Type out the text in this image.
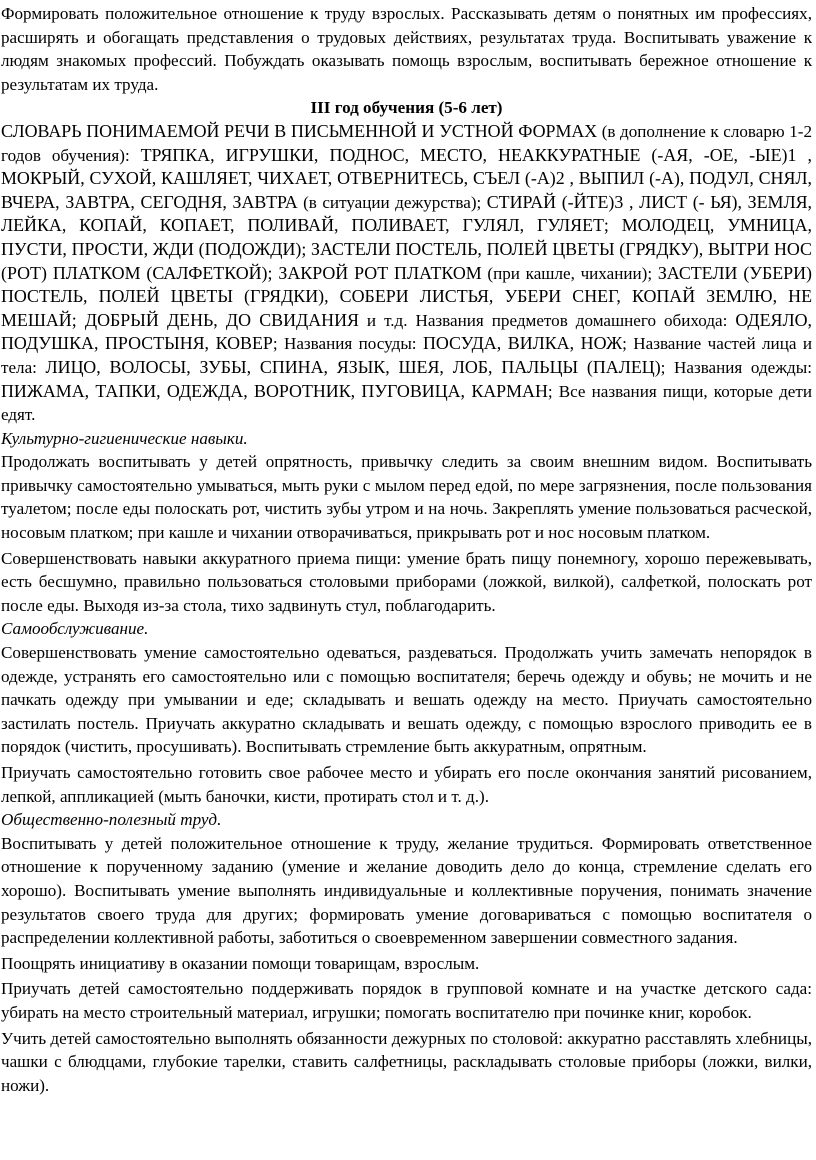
Формировать положительное отношение к труду взрослых. Рассказывать детям о понятных им профессиях, расширять и обогащать представления о трудовых действиях, результатах труда. Воспитывать уважение к людям знакомых профессий. Побуждать оказывать помощь взрослым, воспитывать бережное отношение к результатам их труда.

III год обучения (5-6 лет)

СЛОВАРЬ ПОНИМАЕМОЙ РЕЧИ В ПИСЬМЕННОЙ И УСТНОЙ ФОРМАХ (в дополнение к словарю 1-2 годов обучения): ТРЯПКА, ИГРУШКИ, ПОДНОС, МЕСТО, НЕАККУРАТНЫЕ (-АЯ, -ОЕ, -ЫЕ)1 , МОКРЫЙ, СУХОЙ, КАШЛЯЕТ, ЧИХАЕТ, ОТВЕРНИТЕСЬ, СЪЕЛ (-А)2 , ВЫПИЛ (-А), ПОДУЛ, СНЯЛ, ВЧЕРА, ЗАВТРА, СЕГОДНЯ, ЗАВТРА (в ситуации дежурства); СТИРАЙ (-ЙТЕ)3 , ЛИСТ (- ЬЯ), ЗЕМЛЯ, ЛЕЙКА, КОПАЙ, КОПАЕТ, ПОЛИВАЙ, ПОЛИВАЕТ, ГУЛЯЛ, ГУЛЯЕТ; МОЛОДЕЦ, УМНИЦА, ПУСТИ, ПРОСТИ, ЖДИ (ПОДОЖДИ); ЗАСТЕЛИ ПОСТЕЛЬ, ПОЛЕЙ ЦВЕТЫ (ГРЯДКУ), ВЫТРИ НОС (РОТ) ПЛАТКОМ (САЛФЕТКОЙ); ЗАКРОЙ РОТ ПЛАТКОМ (при кашле, чихании); ЗАСТЕЛИ (УБЕРИ) ПОСТЕЛЬ, ПОЛЕЙ ЦВЕТЫ (ГРЯДКИ), СОБЕРИ ЛИСТЬЯ, УБЕРИ СНЕГ, КОПАЙ ЗЕМЛЮ, НЕ МЕШАЙ; ДОБРЫЙ ДЕНЬ, ДО СВИДАНИЯ и т.д. Названия предметов домашнего обихода: ОДЕЯЛО, ПОДУШКА, ПРОСТЫНЯ, КОВЕР; Названия посуды: ПОСУДА, ВИЛКА, НОЖ; Название частей лица и тела: ЛИЦО, ВОЛОСЫ, ЗУБЫ, СПИНА, ЯЗЫК, ШЕЯ, ЛОБ, ПАЛЬЦЫ (ПАЛЕЦ); Названия одежды: ПИЖАМА, ТАПКИ, ОДЕЖДА, ВОРОТНИК, ПУГОВИЦА, КАРМАН; Все названия пищи, которые дети едят.

Культурно-гигиенические навыки.

Продолжать воспитывать у детей опрятность, привычку следить за своим внешним видом. Воспитывать привычку самостоятельно умываться, мыть руки с мылом перед едой, по мере загрязнения, после пользования туалетом; после еды полоскать рот, чистить зубы утром и на ночь. Закреплять умение пользоваться расческой, носовым платком; при кашле и чихании отворачиваться, прикрывать рот и нос носовым платком.

Совершенствовать навыки аккуратного приема пищи: умение брать пищу понемногу, хорошо пережевывать, есть бесшумно, правильно пользоваться столовыми приборами (ложкой, вилкой), салфеткой, полоскать рот после еды. Выходя из-за стола, тихо задвинуть стул, поблагодарить.

Самообслуживание.

Совершенствовать умение самостоятельно одеваться, раздеваться. Продолжать учить замечать непорядок в одежде, устранять его самостоятельно или с помощью воспитателя; беречь одежду и обувь; не мочить и не пачкать одежду при умывании и еде; складывать и вешать одежду на место. Приучать самостоятельно застилать постель. Приучать аккуратно складывать и вешать одежду, с помощью взрослого приводить ее в порядок (чистить, просушивать). Воспитывать стремление быть аккуратным, опрятным.

Приучать самостоятельно готовить свое рабочее место и убирать его после окончания занятий рисованием, лепкой, аппликацией (мыть баночки, кисти, протирать стол и т. д.).

Общественно-полезный труд.

Воспитывать у детей положительное отношение к труду, желание трудиться. Формировать ответственное отношение к порученному заданию (умение и желание доводить дело до конца, стремление сделать его хорошо). Воспитывать умение выполнять индивидуальные и коллективные поручения, понимать значение результатов своего труда для других; формировать умение договариваться с помощью воспитателя о распределении коллективной работы, заботиться о своевременном завершении совместного задания.

Поощрять инициативу в оказании помощи товарищам, взрослым.

Приучать детей самостоятельно поддерживать порядок в групповой комнате и на участке детского сада: убирать на место строительный материал, игрушки; помогать воспитателю при починке книг, коробок.

Учить детей самостоятельно выполнять обязанности дежурных по столовой: аккуратно расставлять хлебницы, чашки с блюдцами, глубокие тарелки, ставить салфетницы, раскладывать столовые приборы (ложки, вилки, ножи).
